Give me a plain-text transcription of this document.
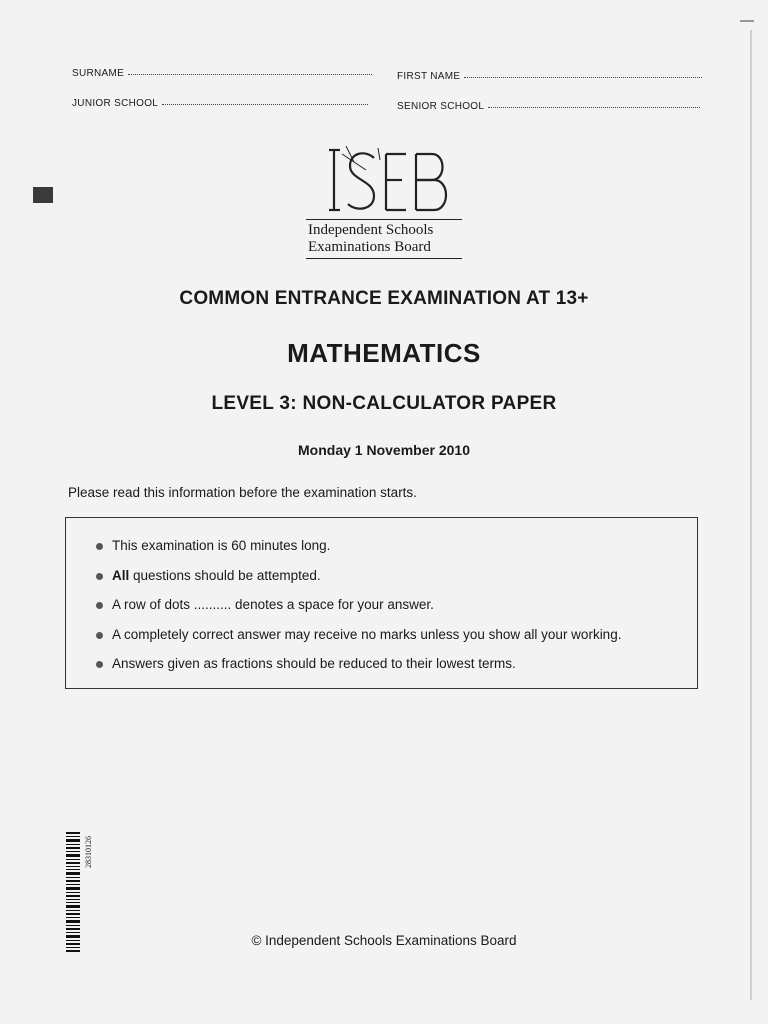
SURNAME	FIRST NAME
JUNIOR SCHOOL	SENIOR SCHOOL
Independent Schools
Examinations Board
COMMON ENTRANCE EXAMINATION AT 13+
MATHEMATICS
LEVEL 3: NON-CALCULATOR PAPER
Monday 1 November 2010
Please read this information before the examination starts.
This examination is 60 minutes long.
All questions should be attempted.
A row of dots .......... denotes a space for your answer.
A completely correct answer may receive no marks unless you show all your working.
Answers given as fractions should be reduced to their lowest terms.
28310126
© Independent Schools Examinations Board
